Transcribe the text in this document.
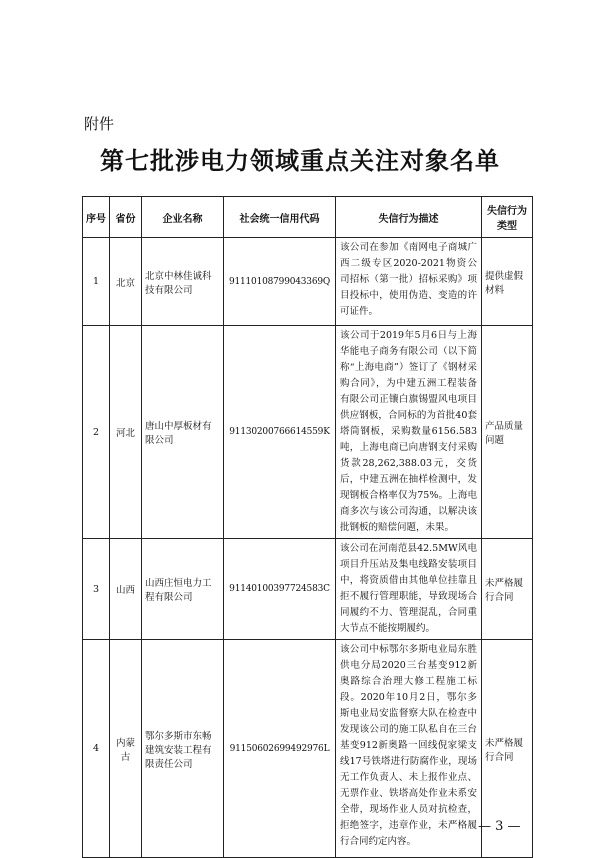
附件
第七批涉电力领域重点关注对象名单
序号	省份	企业名称	社会统一信用代码	失信行为描述	失信行为类型
1	北京	北京中林佳诚科技有限公司	91110108799043369Q	该公司在参加《南网电子商城广西二级专区2020-2021物资公司招标（第一批）招标采购》项目投标中，使用伪造、变造的许可证件。	提供虚假材料
2	河北	唐山中厚板材有限公司	91130200766614559K	该公司于2019年5月6日与上海华能电子商务有限公司（以下简称“上海电商”）签订了《钢材采购合同》，为中建五洲工程装备有限公司正镶白旗锡盟风电项目供应钢板，合同标的为首批40套塔筒钢板，采购数量6156.583吨，上海电商已向唐钢支付采购货款28,262,388.03元，交货后，中建五洲在抽样检测中，发现钢板合格率仅为75%。上海电商多次与该公司沟通，以解决该批钢板的赔偿问题，未果。	产品质量问题
3	山西	山西庄恒电力工程有限公司	91140100397724583C	该公司在河南范县42.5MW风电项目升压站及集电线路安装项目中，将资质借由其他单位挂靠且拒不履行管理职能，导致现场合同履约不力、管理混乱，合同重大节点不能按期履约。	未严格履行合同
4	内蒙古	鄂尔多斯市东畅建筑安装工程有限责任公司	91150602699492976L	该公司中标鄂尔多斯电业局东胜供电分局2020三台基变912新奥路综合治理大修工程施工标段。2020年10月2日，鄂尔多斯电业局安监督察大队在检查中发现该公司的施工队私自在三台基变912新奥路一回线倪家梁支线17号铁塔进行防腐作业，现场无工作负责人、未上报作业点、无票作业、铁塔高处作业未系安全带，现场作业人员对抗检查，拒绝签字，违章作业，未严格履行合同约定内容。	未严格履行合同
— 3 —
